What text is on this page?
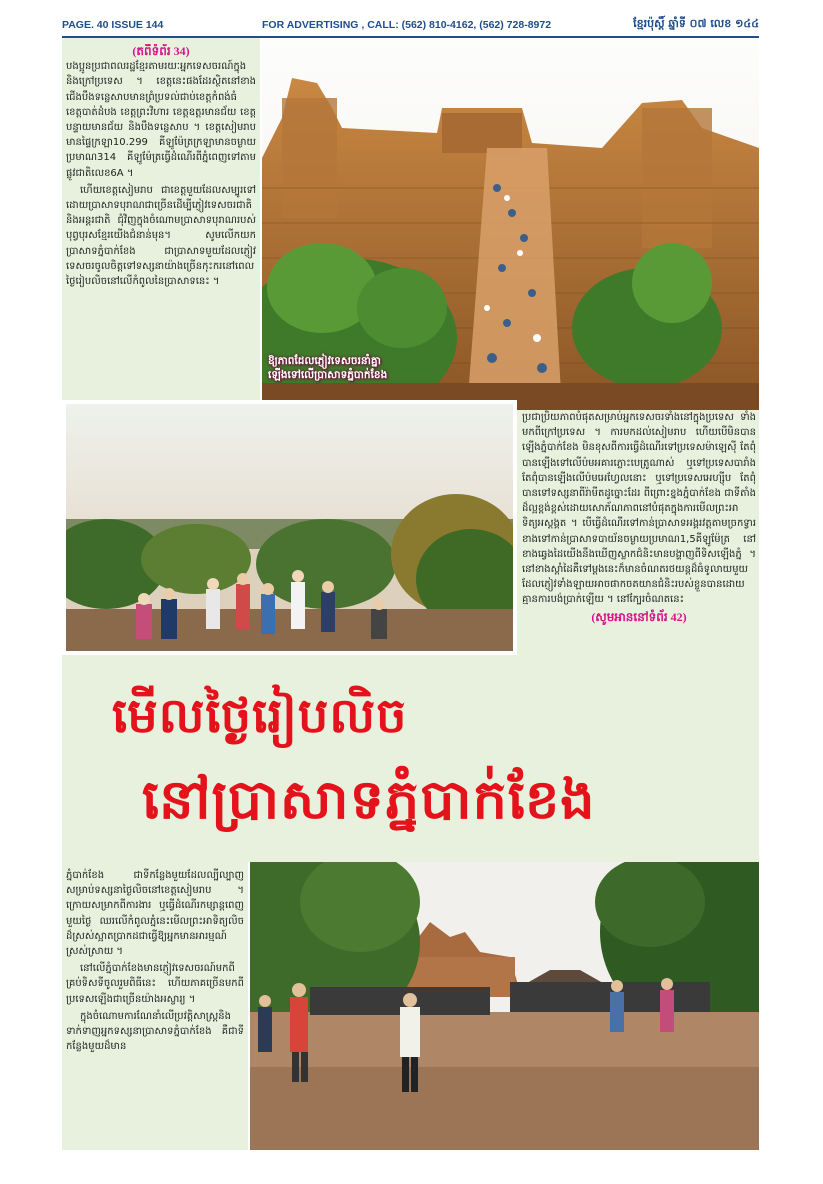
PAGE. 40 ISSUE 144	FOR ADVERTISING , CALL: (562) 810-4162, (562) 728-8972	ខ្មែរប៉ុស្តិ៍ ឆ្នាំទី ០៧ លេខ ១៤៤
(តពីទំព័រ 34)

បងប្អូនប្រជាពលរដ្ឋខ្មែរតាមរយៈអ្នកទេសចរណ៍ក្នុង និងក្រៅប្រទេស ។ ខេត្តនេះផងដែរស្ថិតនៅខាងជើងបឹងទន្លេសាបមានព្រំប្រទល់ជាប់ខេត្តកំពង់ធំ ខេត្តបាត់ដំបង ខេត្តព្រះវិហារ ខេត្តឧត្តរមានជ័យ ខេត្តបន្ទាយមានជ័យ និងបឹងទន្លេសាប ។ ខេត្តសៀមរាបមានផ្ទៃក្រឡា10.299 គីឡូម៉ែត្រក្រឡាមានចម្ងាយប្រមាណ314 គីឡូម៉ែត្រធ្វើដំណើរពីភ្នំពេញទៅតាមផ្លូវជាតិលេខ6A ។

ហើយខេត្តសៀមរាប ជាខេត្តមួយដែលសម្បូរទៅដោយប្រាសាទបុរាណជាច្រើនដើម្បីភ្ញៀវទេសចរជាតិ និងអន្តរជាតិ ជុំវិញក្នុងចំណោមប្រាសាទបុរាណរបស់បុព្វបុរសខ្មែរយើងជំនាន់មុន។ សូមលើកយកប្រាសាទភ្នំបាក់ខែង ជាប្រាសាទមួយដែលភ្ញៀវទេសចរចូលចិត្តទៅទស្សនាយ៉ាងច្រើនកុះករនៅពេលថ្ងៃរៀបលិចនៅលើកំពូលនៃប្រាសាទនេះ ។

ឱ្យភាពដែលភ្ញៀវទេសចរនាំគ្នា
ឡើងទៅលើប្រាសាទភ្នំបាក់ខែង

ប្រជាប្រិយភាពបំផុតសម្រាប់អ្នកទេសចរទាំងនៅក្នុងប្រទេស ទាំងមកពីក្រៅប្រទេស ។ ការមកដល់សៀមរាប ហើយបើមិនបានឡើងភ្នំបាក់ខែង មិនខុសពីការធ្វើដំណើរទៅប្រទេសម៉ាឡេស៊ី តែពុំបានឡើងទៅលើប៉មអគារភ្លោះបេត្រូណាស់ ឬទៅប្រទេសបារាំង តែពុំបានឡើងលើប៉មអេហ្វែលនោះ ឬទៅប្រទេសអេហ្ស៊ីប តែពុំបានទៅទស្សនាពីរ៉ាមីតដូច្នោះដែរ ពីព្រោះខ្នងភ្នំបាក់ខែង ជាទីតាំងដ៏ល្អខ្ពង់ខ្ពស់ដោយសោភ័ណភាពនៅបំផុតក្នុងការមើលព្រះអាទិត្យអស្តង្គត ។ បើធ្វើដំណើរទៅកាន់ប្រាសាទអង្គរវត្តតាមច្រកទ្វារខាងទៅកាន់ប្រាសាទបាយ័នចម្ងាយប្រមាណ1,5គីឡូម៉ែត្រ នៅខាងឆ្វេងដៃយើងនឹងឃើញស្លាកជំនិះមានបង្ហាញពីទិសឡើងភ្នំ ។ នៅខាងស្តាំដៃគឺទៅម្តងនេះក៏មានចំណតរថយន្តដ៏ធំទូលាយមួយដែលភ្ញៀវទាំងឡាយអាចផាកចតយានជំនិះរបស់ខ្លួនបានដោយគ្មានការបង់ប្រាក់ឡើយ ។ នៅក្បែរចំណតនេះ

(សូមអាននៅទំព័រ 42)
មើលថ្ងៃរៀបលិច
នៅប្រាសាទភ្នំបាក់ខែង

ភ្នំបាក់ខែង ជាទីកន្លែងមួយដែលល្បីល្បាញសម្រាប់ទស្សនាថ្ងៃលិចនៅខេត្តសៀមរាប ។ ក្រោយសម្រាកពីការងារ ឬធ្វើដំណើរកម្សាន្តពេញមួយថ្ងៃ ឈរលើកំពូលភ្នំនេះមើលព្រះអាទិត្យលិចដ៏ស្រស់ស្អាតប្រាកដជាធ្វើឱ្យអ្នកមានអារម្មណ៍ស្រស់ស្រាយ ។

នៅលើភ្នំបាក់ខែងមានភ្ញៀវទេសចរណ៍មកពីគ្រប់ទិសទីចូលរួមពិធីនេះ ហើយភាគច្រើនមកពីប្រទេសឡើងជាច្រើនយ៉ាងអស្ចារ្យ ។

ក្នុងចំណោមការណែនាំលើប្រវត្តិសាស្ត្រនិងទាក់ទាញអ្នកទស្សនាប្រាសាទភ្នំបាក់ខែង គឺជាទីកន្លែងមួយដ៏មាន
